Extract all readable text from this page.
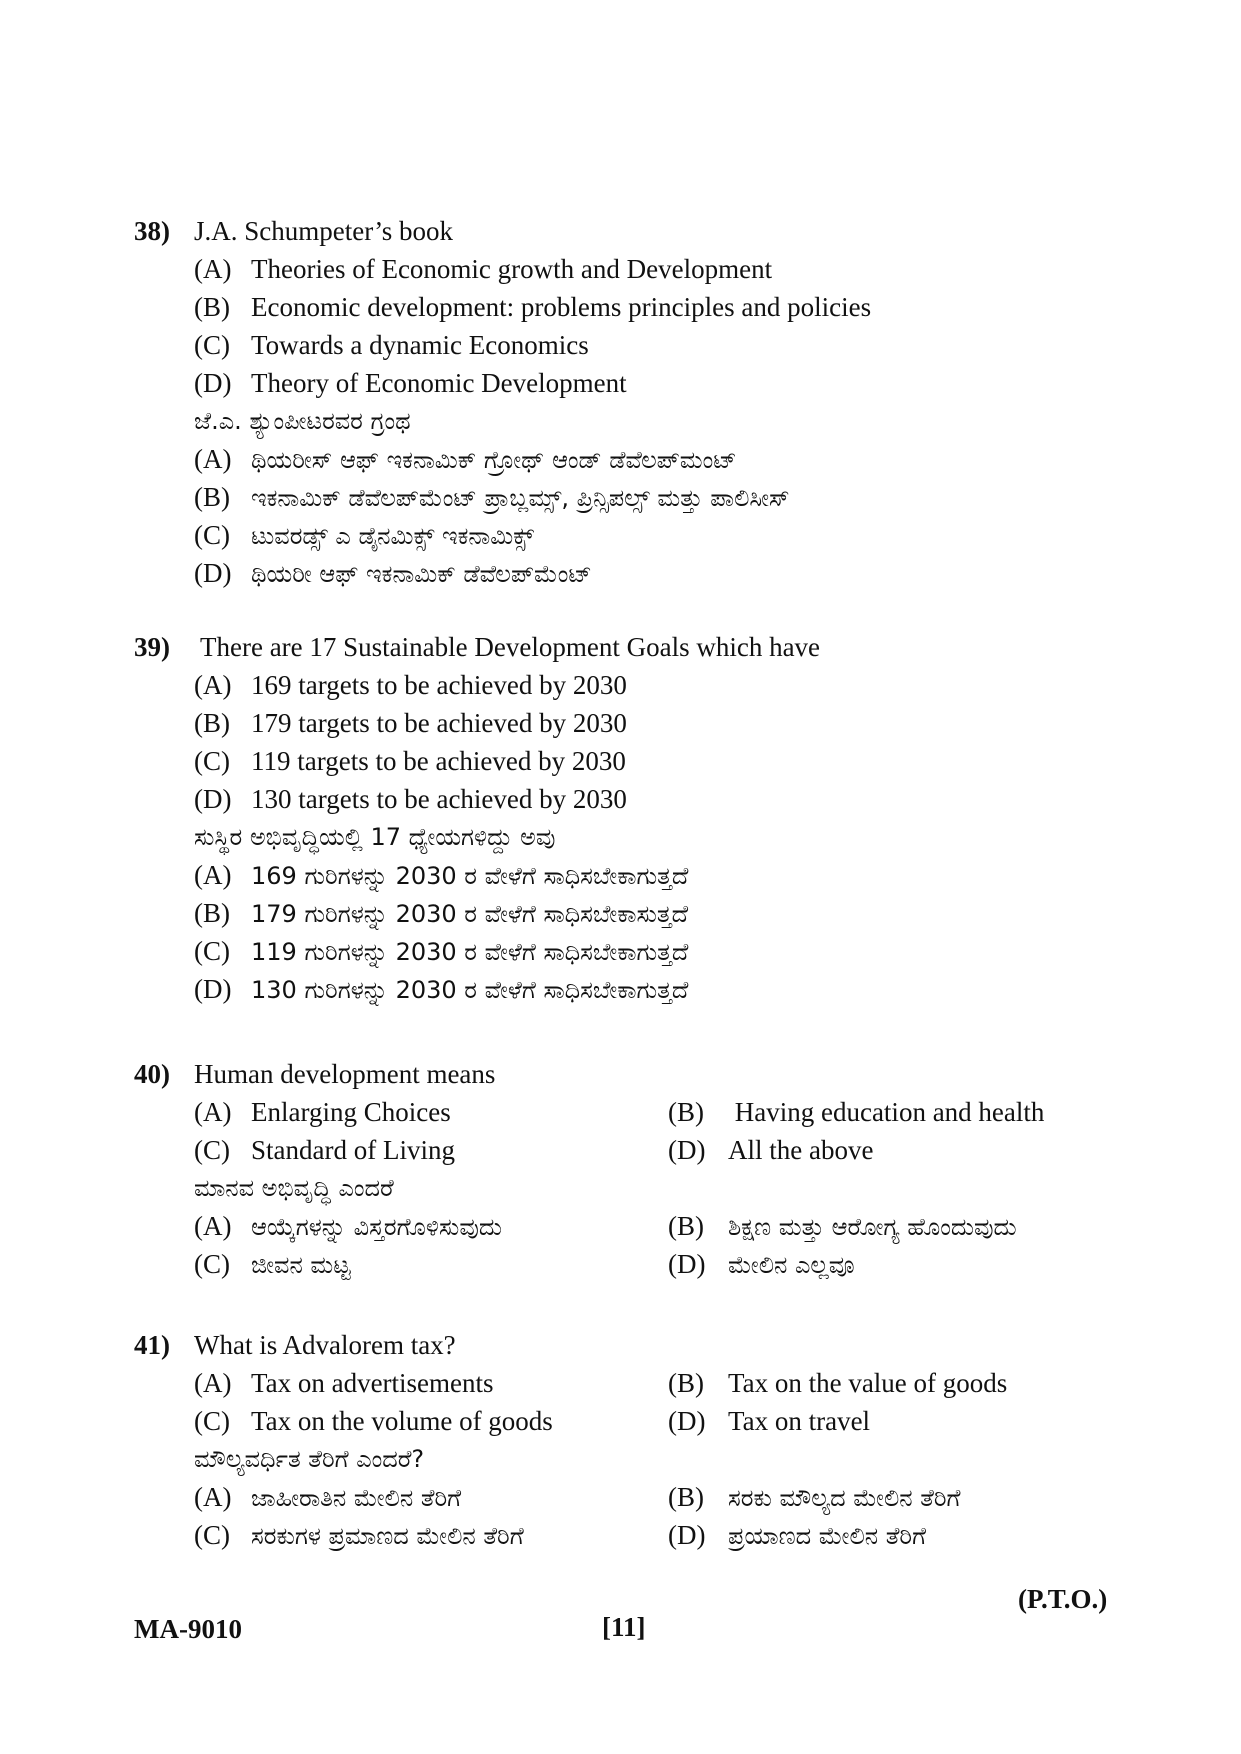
38) J.A. Schumpeter’s book
(A) Theories of Economic growth and Development
(B) Economic development: problems principles and policies
(C) Towards a dynamic Economics
(D) Theory of Economic Development
ಜೆ.ಎ. ಶ್ಯುಂಪೀಟರವರ ಗ್ರಂಥ
(A) ಥಿಯರೀಸ್ ಆಫ್ ಇಕನಾಮಿಕ್ ಗ್ರೋಥ್ ಆಂಡ್ ಡೆವೆಲಪ್‌ಮಂಟ್
(B) ಇಕನಾಮಿಕ್ ಡೆವೆಲಪ್‌ಮೆಂಟ್ ಪ್ರಾಬ್ಲಮ್ಸ್, ಪ್ರಿನ್ಸಿಪಲ್ಸ್ ಮತ್ತು ಪಾಲಿಸೀಸ್
(C) ಟುವರಡ್ಸ್ ಎ ಡೈನಮಿಕ್ಸ್ ಇಕನಾಮಿಕ್ಸ್
(D) ಥಿಯರೀ ಆಫ್ ಇಕನಾಮಿಕ್ ಡೆವೆಲಪ್‌ಮೆಂಟ್
39) There are 17 Sustainable Development Goals which have
(A) 169 targets to be achieved by 2030
(B) 179 targets to be achieved by 2030
(C) 119 targets to be achieved by 2030
(D) 130 targets to be achieved by 2030
ಸುಸ್ಥಿರ ಅಭಿವೃದ್ಧಿಯಲ್ಲಿ 17 ಧ್ಯೇಯಗಳಿದ್ದು ಅವು
(A) 169 ಗುರಿಗಳನ್ನು 2030 ರ ವೇಳೆಗೆ ಸಾಧಿಸಬೇಕಾಗುತ್ತದೆ
(B) 179 ಗುರಿಗಳನ್ನು 2030 ರ ವೇಳೆಗೆ ಸಾಧಿಸಬೇಕಾಸುತ್ತದೆ
(C) 119 ಗುರಿಗಳನ್ನು 2030 ರ ವೇಳೆಗೆ ಸಾಧಿಸಬೇಕಾಗುತ್ತದೆ
(D) 130 ಗುರಿಗಳನ್ನು 2030 ರ ವೇಳೆಗೆ ಸಾಧಿಸಬೇಕಾಗುತ್ತದೆ
40) Human development means
(A) Enlarging Choices	(B) Having education and health
(C) Standard of Living	(D) All the above
ಮಾನವ ಅಭಿವೃದ್ಧಿ ಎಂದರೆ
(A) ಆಯ್ಕೆಗಳನ್ನು ವಿಸ್ತರಗೊಳಿಸುವುದು	(B) ಶಿಕ್ಷಣ ಮತ್ತು ಆರೋಗ್ಯ ಹೊಂದುವುದು
(C) ಜೀವನ ಮಟ್ಟ	(D) ಮೇಲಿನ ಎಲ್ಲವೂ
41) What is Advalorem tax?
(A) Tax on advertisements	(B) Tax on the value of goods
(C) Tax on the volume of goods	(D) Tax on travel
ಮೌಲ್ಯವರ್ಧಿತ ತೆರಿಗೆ ಎಂದರೆ?
(A) ಜಾಹೀರಾತಿನ ಮೇಲಿನ ತೆರಿಗೆ	(B) ಸರಕು ಮೌಲ್ಯದ ಮೇಲಿನ ತೆರಿಗೆ
(C) ಸರಕುಗಳ ಪ್ರಮಾಣದ ಮೇಲಿನ ತೆರಿಗೆ	(D) ಪ್ರಯಾಣದ ಮೇಲಿನ ತೆರಿಗೆ
MA-9010	[11]
(P.T.O.)
